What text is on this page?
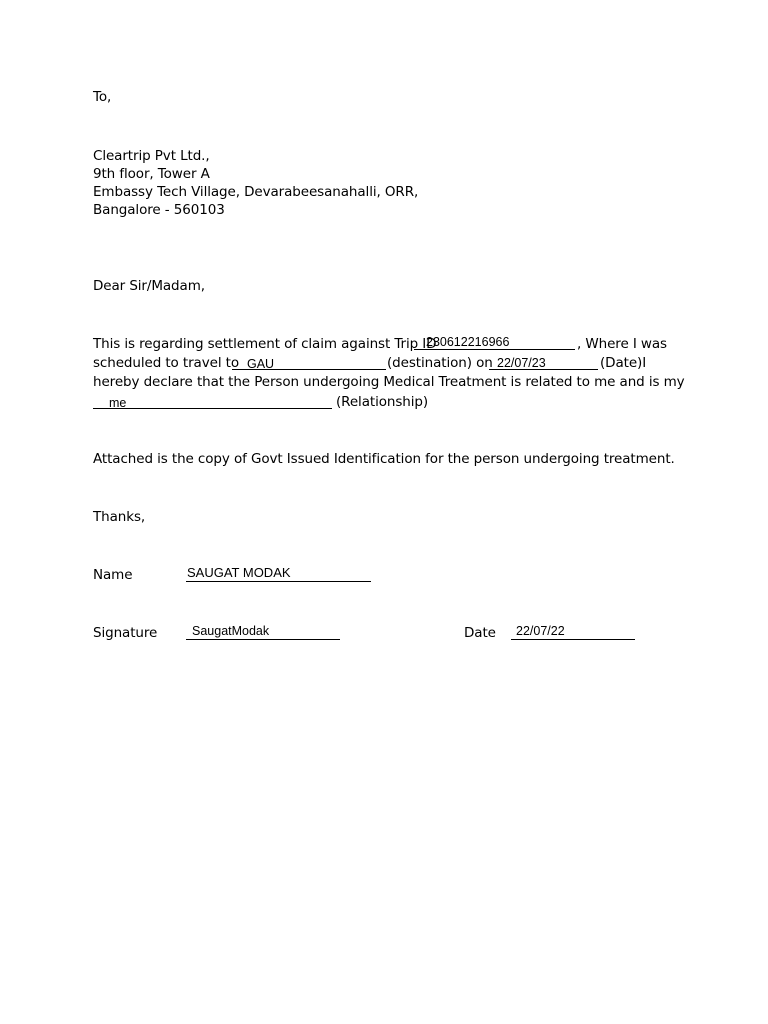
To,
Cleartrip Pvt Ltd.,
9th floor, Tower A
Embassy Tech Village, Devarabeesanahalli, ORR,
Bangalore - 560103
Dear Sir/Madam,
This is regarding settlement of claim against Trip ID
230612216966	, Where I was
scheduled to travel to GAU	(destination) on 22/07/23	(Date)I
hereby declare that the Person undergoing Medical Treatment is related to me and is my
me	(Relationship)
Attached is the copy of Govt Issued Identification for the person undergoing treatment.
Thanks,
Name	SAUGAT MODAK
Signature	SaugatModak	Date 22/07/22
